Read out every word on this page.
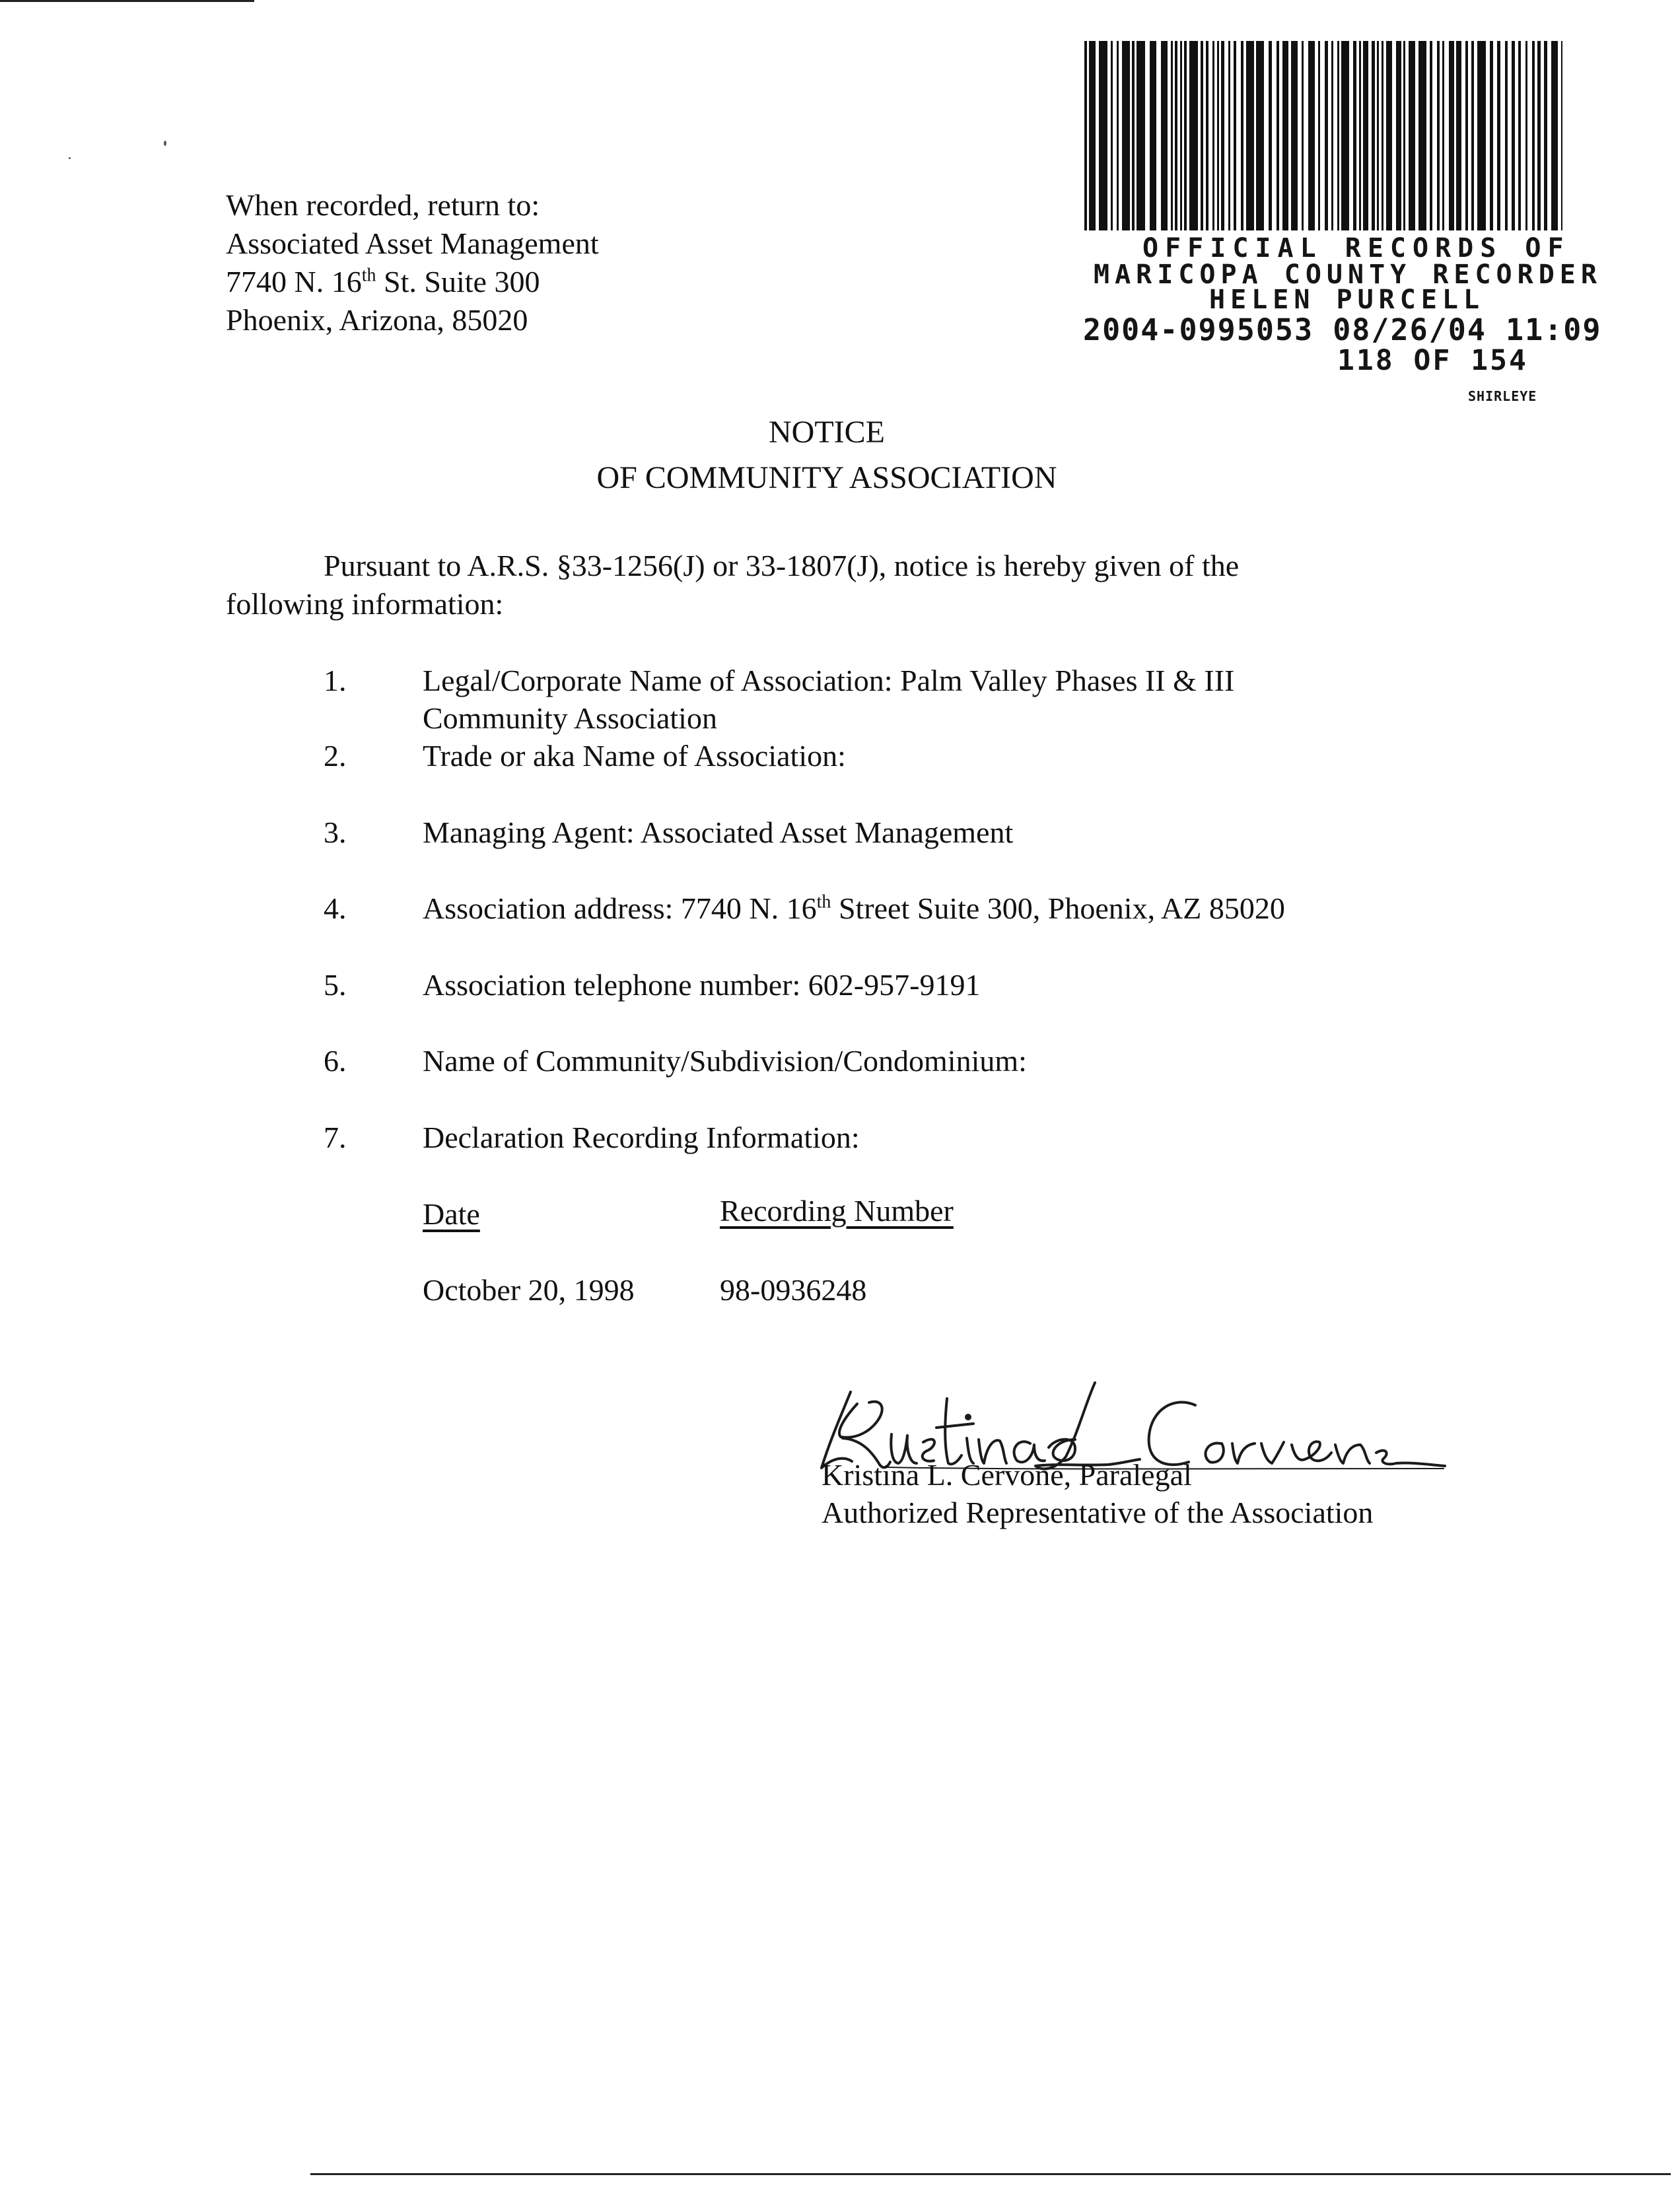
When recorded, return to:
Associated Asset Management
7740 N. 16th St. Suite 300
Phoenix, Arizona, 85020
OFFICIAL RECORDS OF
MARICOPA COUNTY RECORDER
HELEN PURCELL
2004-0995053 08/26/04 11:09
118 OF 154
SHIRLEYE
NOTICE
OF COMMUNITY ASSOCIATION
Pursuant to A.R.S. §33-1256(J) or 33-1807(J), notice is hereby given of the
following information:
1.	Legal/Corporate Name of Association: Palm Valley Phases II & III
Community Association
2.	Trade or aka Name of Association:
3.	Managing Agent: Associated Asset Management
4.	Association address: 7740 N. 16th Street Suite 300, Phoenix, AZ 85020
5.	Association telephone number: 602-957-9191
6.	Name of Community/Subdivision/Condominium:
7.	Declaration Recording Information:
Date	Recording Number
October 20, 1998	98-0936248
Kristina L. Cervone, Paralegal
Authorized Representative of the Association
